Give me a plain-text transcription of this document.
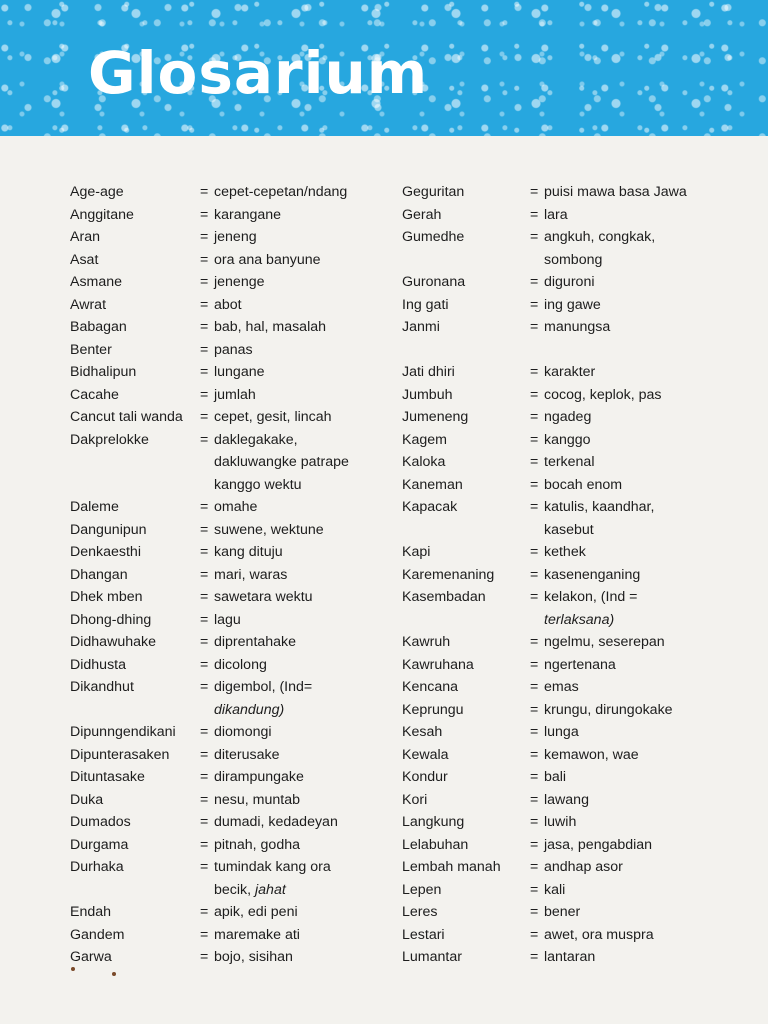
Glosarium
Age-age	= cepet-cepetan/ndang
Anggitane	= karangane
Aran	= jeneng
Asat	= ora ana banyune
Asmane	= jenenge
Awrat	= abot
Babagan	= bab, hal, masalah
Benter	= panas
Bidhalipun	= lungane
Cacahe	= jumlah
Cancut tali wanda = cepet, gesit, lincah
Dakprelokke	= daklegakake,
dakluwangke patrape
kanggo wektu
Daleme	= omahe
Dangunipun	= suwene, wektune
Denkaesthi	= kang dituju
Dhangan	= mari, waras
Dhek mben	= sawetara wektu
Dhong-dhing	= lagu
Didhawuhake	= diprentahake
Didhusta	= dicolong
Dikandhut	= digembol, (Ind=
dikandung)
Dipunngendikani = diomongi
Dipunterasaken = diterusake
Dituntasake	= dirampungake
Duka	= nesu, muntab
Dumados	= dumadi, kedadeyan
Durgama	= pitnah, godha
Durhaka	= tumindak kang ora
becik, jahat
Endah	= apik, edi peni
Gandem	= maremake ati
Garwa	= bojo, sisihan
Geguritan	= puisi mawa basa Jawa
Gerah	= lara
Gumedhe	= angkuh, congkak,
sombong
Guronana	= diguroni
Ing gati	= ing gawe
Janmi	= manungsa
Jati dhiri	= karakter
Jumbuh	= cocog, keplok, pas
Jumeneng	= ngadeg
Kagem	= kanggo
Kaloka	= terkenal
Kaneman	= bocah enom
Kapacak	= katulis, kaandhar,
kasebut
Kapi	= kethek
Karemenaning	= kasenenganing
Kasembadan	= kelakon, (Ind =
terlaksana)
Kawruh	= ngelmu, seserepan
Kawruhana	= ngertenana
Kencana	= emas
Keprungu	= krungu, dirungokake
Kesah	= lunga
Kewala	= kemawon, wae
Kondur	= bali
Kori	= lawang
Langkung	= luwih
Lelabuhan	= jasa, pengabdian
Lembah manah = andhap asor
Lepen	= kali
Leres	= bener
Lestari	= awet, ora muspra
Lumantar	= lantaran
